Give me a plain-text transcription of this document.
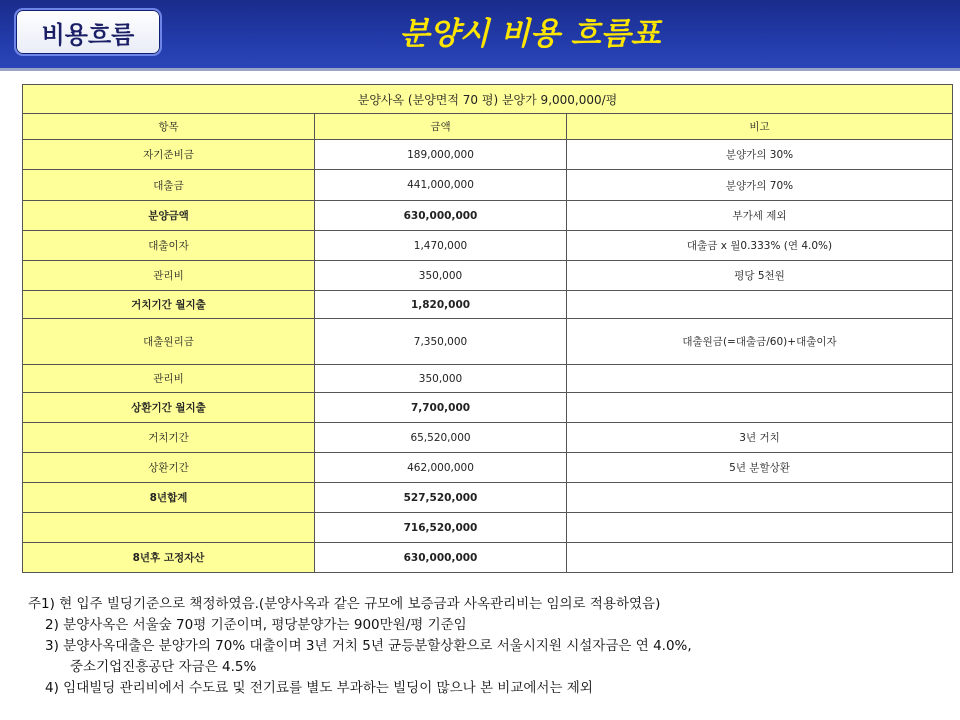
비용흐름	분양시 비용 흐름표
분양사옥 (분양면적 70 평) 분양가 9,000,000/평		
항목	금액	비고
자기준비금	189,000,000	분양가의 30%
대출금	441,000,000	분양가의 70%
분양금액	630,000,000	부가세 제외
대출이자	1,470,000	대출금 x 월0.333% (연 4.0%)
관리비	350,000	평당 5천원
거치기간 월지출	1,820,000	
대출원리금	7,350,000	대출원금(=대출금/60)+대출이자
관리비	350,000	
상환기간 월지출	7,700,000	
거치기간	65,520,000	3년 거치
상환기간	462,000,000	5년 분할상환
8년합계	527,520,000	
	716,520,000	
8년후 고정자산	630,000,000	
주1) 현 입주 빌딩기준으로 책정하였음.(분양사옥과 같은 규모에 보증금과 사옥관리비는 임의로 적용하였음)
2) 분양사옥은 서울숲 70평 기준이며, 평당분양가는 900만원/평 기준임
3) 분양사옥대출은 분양가의 70% 대출이며 3년 거치 5년 균등분할상환으로 서울시지원 시설자금은 연 4.0%,
중소기업진흥공단 자금은 4.5%
4) 임대빌딩 관리비에서 수도료 및 전기료를 별도 부과하는 빌딩이 많으나 본 비교에서는 제외
